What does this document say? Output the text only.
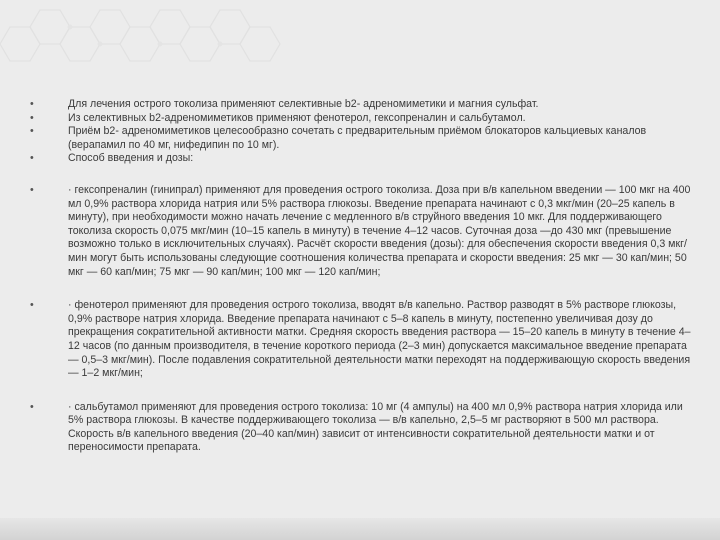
•	Для лечения острого токолиза применяют селективные b2- адреномиметики и магния сульфат.
•	Из селективных b2-адреномиметиков применяют фенотерол, гексопреналин и сальбутамол.
•	Приём b2- адреномиметиков целесообразно сочетать с предварительным приёмом блокаторов кальциевых каналов (верапамил по 40 мг, нифедипин по 10 мг).
•	Способ введения и дозы:
•	· гексопреналин (гинипрал) применяют для проведения острого токолиза. Доза при в/в капельном введении — 100 мкг на 400 мл 0,9% раствора хлорида натрия или 5% раствора глюкозы. Введение препарата начинают с 0,3 мкг/мин (20–25 капель в минуту), при необходимости можно начать лечение с медленного в/в струйного введения 10 мкг. Для поддерживающего токолиза скорость 0,075 мкг/мин (10–15 капель в минуту) в течение 4–12 часов. Суточная доза —до 430 мкг (превышение возможно только в исключительных случаях). Расчёт скорости введения (дозы): для обеспечения скорости введения 0,3 мкг/мин могут быть использованы следующие соотношения количества препарата и скорости введения: 25 мкг — 30 кап/мин; 50 мкг — 60 кап/мин; 75 мкг — 90 кап/мин; 100 мкг — 120 кап/мин;
•	· фенотерол применяют для проведения острого токолиза, вводят в/в капельно. Раствор разводят в 5% растворе глюкозы, 0,9% растворе натрия хлорида. Введение препарата начинают с 5–8 капель в минуту, постепенно увеличивая дозу до прекращения сократительной активности матки. Средняя скорость введения раствора — 15–20 капель в минуту в течение 4–12 часов (по данным производителя, в течение короткого периода (2–3 мин) допускается максимальное введение препарата — 0,5–3 мкг/мин). После подавления сократительной деятельности матки переходят на поддерживающую скорость введения — 1–2 мкг/мин;
•	· сальбутамол применяют для проведения острого токолиза: 10 мг (4 ампулы) на 400 мл 0,9% раствора натрия хлорида или 5% раствора глюкозы. В качестве поддерживающего токолиза — в/в капельно, 2,5–5 мг растворяют в 500 мл раствора. Скорость в/в капельного введения (20–40 кап/мин) зависит от интенсивности сократительной деятельности матки и от переносимости препарата.
